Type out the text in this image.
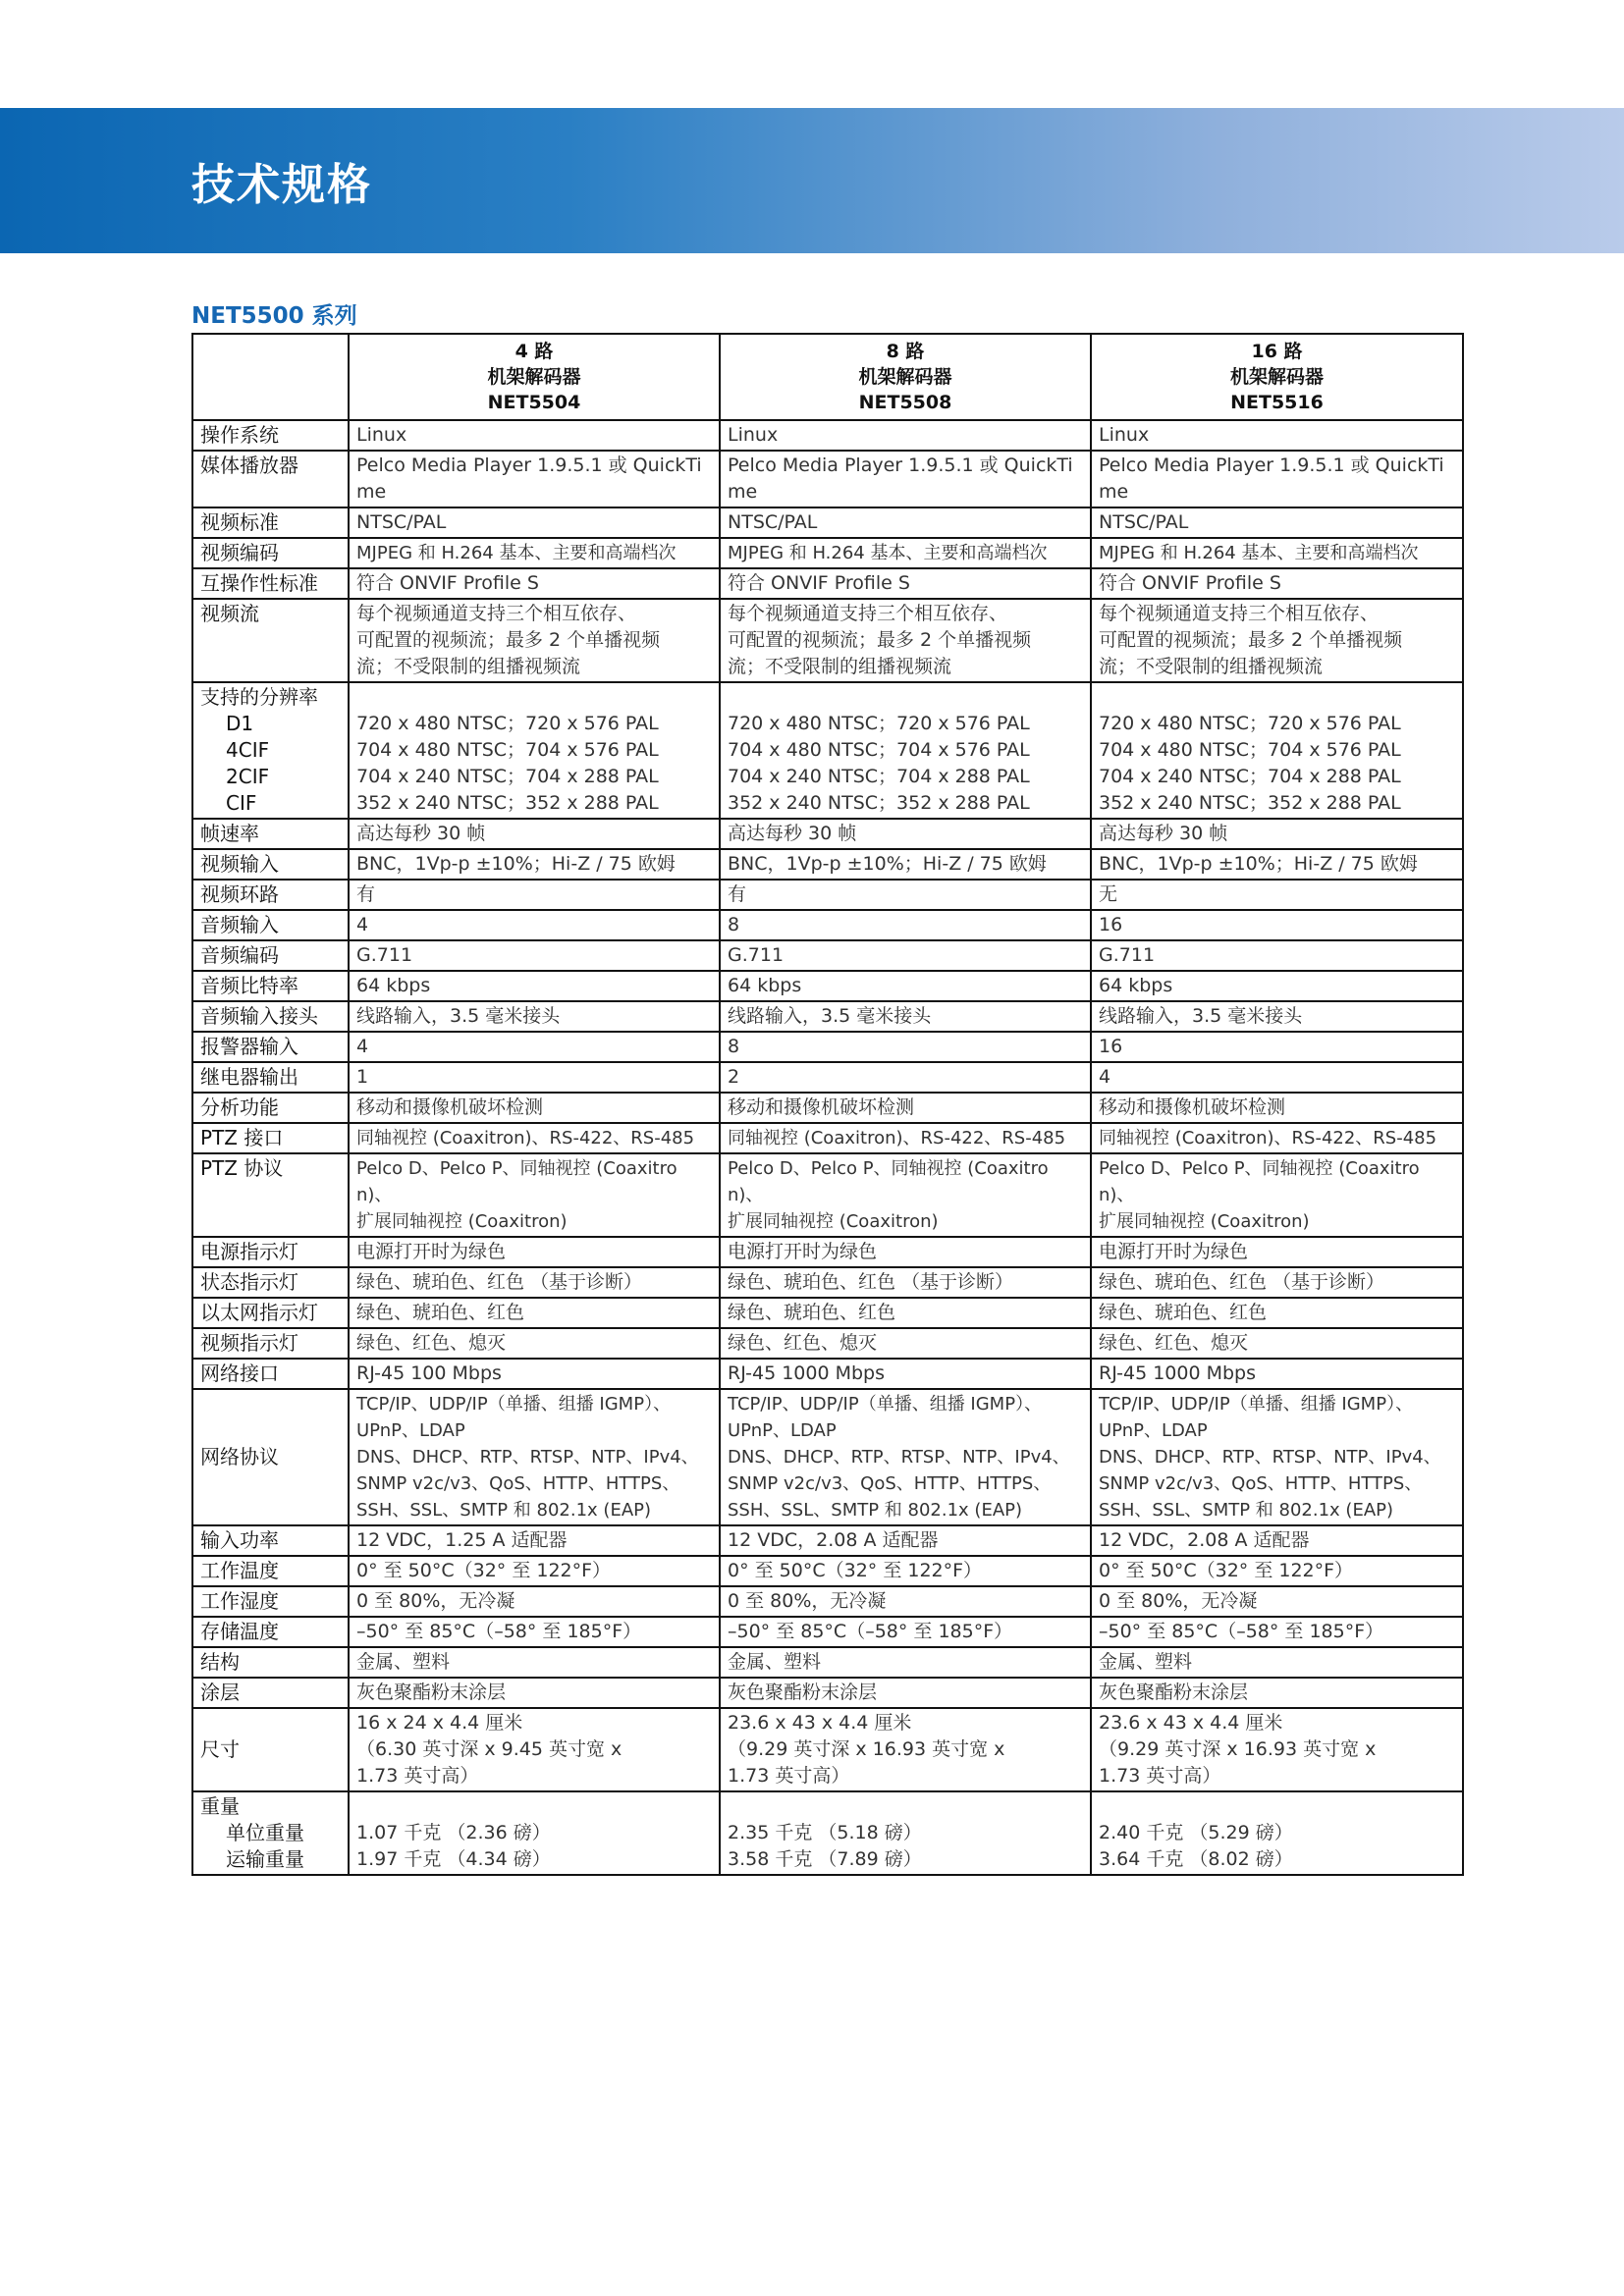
技术规格
NET5500 系列

	4 路
机架解码器
NET5504	8 路
机架解码器
NET5508	16 路
机架解码器
NET5516

操作系统	Linux	Linux	Linux
媒体播放器	Pelco Media Player 1.9.5.1 或 QuickTime	Pelco Media Player 1.9.5.1 或 QuickTime	Pelco Media Player 1.9.5.1 或 QuickTime
视频标准	NTSC/PAL	NTSC/PAL	NTSC/PAL
视频编码	MJPEG 和 H.264 基本、主要和高端档次	MJPEG 和 H.264 基本、主要和高端档次	MJPEG 和 H.264 基本、主要和高端档次
互操作性标准	符合 ONVIF Profile S	符合 ONVIF Profile S	符合 ONVIF Profile S
视频流	每个视频通道支持三个相互依存、
可配置的视频流；最多 2 个单播视频
流；不受限制的组播视频流	每个视频通道支持三个相互依存、
可配置的视频流；最多 2 个单播视频
流；不受限制的组播视频流	每个视频通道支持三个相互依存、
可配置的视频流；最多 2 个单播视频
流；不受限制的组播视频流

支持的分辨率
D1
4CIF
2CIF
CIF	720 x 480 NTSC；720 x 576 PAL
704 x 480 NTSC；704 x 576 PAL
704 x 240 NTSC；704 x 288 PAL
352 x 240 NTSC；352 x 288 PAL	720 x 480 NTSC；720 x 576 PAL
704 x 480 NTSC；704 x 576 PAL
704 x 240 NTSC；704 x 288 PAL
352 x 240 NTSC；352 x 288 PAL	720 x 480 NTSC；720 x 576 PAL
704 x 480 NTSC；704 x 576 PAL
704 x 240 NTSC；704 x 288 PAL
352 x 240 NTSC；352 x 288 PAL

帧速率	高达每秒 30 帧	高达每秒 30 帧	高达每秒 30 帧
视频输入	BNC，1Vp-p ±10%；Hi-Z / 75 欧姆	BNC，1Vp-p ±10%；Hi-Z / 75 欧姆	BNC，1Vp-p ±10%；Hi-Z / 75 欧姆
视频环路	有	有	无
音频输入	4	8	16
音频编码	G.711	G.711	G.711
音频比特率	64 kbps	64 kbps	64 kbps
音频输入接头	线路输入，3.5 毫米接头	线路输入，3.5 毫米接头	线路输入，3.5 毫米接头
报警器输入	4	8	16
继电器输出	1	2	4
分析功能	移动和摄像机破坏检测	移动和摄像机破坏检测	移动和摄像机破坏检测
PTZ 接口	同轴视控 (Coaxitron)、RS-422、RS-485	同轴视控 (Coaxitron)、RS-422、RS-485	同轴视控 (Coaxitron)、RS-422、RS-485
PTZ 协议	Pelco D、Pelco P、同轴视控 (Coaxitron)、
扩展同轴视控 (Coaxitron)	Pelco D、Pelco P、同轴视控 (Coaxitron)、
扩展同轴视控 (Coaxitron)	Pelco D、Pelco P、同轴视控 (Coaxitron)、
扩展同轴视控 (Coaxitron)

电源指示灯	电源打开时为绿色	电源打开时为绿色	电源打开时为绿色
状态指示灯	绿色、琥珀色、红色 （基于诊断）	绿色、琥珀色、红色 （基于诊断）	绿色、琥珀色、红色 （基于诊断）
以太网指示灯	绿色、琥珀色、红色	绿色、琥珀色、红色	绿色、琥珀色、红色
视频指示灯	绿色、红色、熄灭	绿色、红色、熄灭	绿色、红色、熄灭
网络接口	RJ-45 100 Mbps	RJ-45 1000 Mbps	RJ-45 1000 Mbps
网络协议	TCP/IP、UDP/IP（单播、组播 IGMP）、
UPnP、LDAP
DNS、DHCP、RTP、RTSP、NTP、IPv4、
SNMP v2c/v3、QoS、HTTP、HTTPS、
SSH、SSL、SMTP 和 802.1x (EAP)	TCP/IP、UDP/IP（单播、组播 IGMP）、
UPnP、LDAP
DNS、DHCP、RTP、RTSP、NTP、IPv4、
SNMP v2c/v3、QoS、HTTP、HTTPS、
SSH、SSL、SMTP 和 802.1x (EAP)	TCP/IP、UDP/IP（单播、组播 IGMP）、
UPnP、LDAP
DNS、DHCP、RTP、RTSP、NTP、IPv4、
SNMP v2c/v3、QoS、HTTP、HTTPS、
SSH、SSL、SMTP 和 802.1x (EAP)

输入功率	12 VDC，1.25 A 适配器	12 VDC，2.08 A 适配器	12 VDC，2.08 A 适配器
工作温度	0° 至 50°C（32° 至 122°F）	0° 至 50°C（32° 至 122°F）	0° 至 50°C（32° 至 122°F）
工作湿度	0 至 80%，无冷凝	0 至 80%，无冷凝	0 至 80%，无冷凝
存储温度	–50° 至 85°C（–58° 至 185°F）	–50° 至 85°C（–58° 至 185°F）	–50° 至 85°C（–58° 至 185°F）
结构	金属、塑料	金属、塑料	金属、塑料
涂层	灰色聚酯粉末涂层	灰色聚酯粉末涂层	灰色聚酯粉末涂层
尺寸	16 x 24 x 4.4 厘米
（6.30 英寸深 x 9.45 英寸宽 x
1.73 英寸高）	23.6 x 43 x 4.4 厘米
（9.29 英寸深 x 16.93 英寸宽 x
1.73 英寸高）	23.6 x 43 x 4.4 厘米
（9.29 英寸深 x 16.93 英寸宽 x
1.73 英寸高）

重量
单位重量
运输重量	1.07 千克 （2.36 磅）
1.97 千克 （4.34 磅）	2.35 千克 （5.18 磅）
3.58 千克 （7.89 磅）	2.40 千克 （5.29 磅）
3.64 千克 （8.02 磅）
